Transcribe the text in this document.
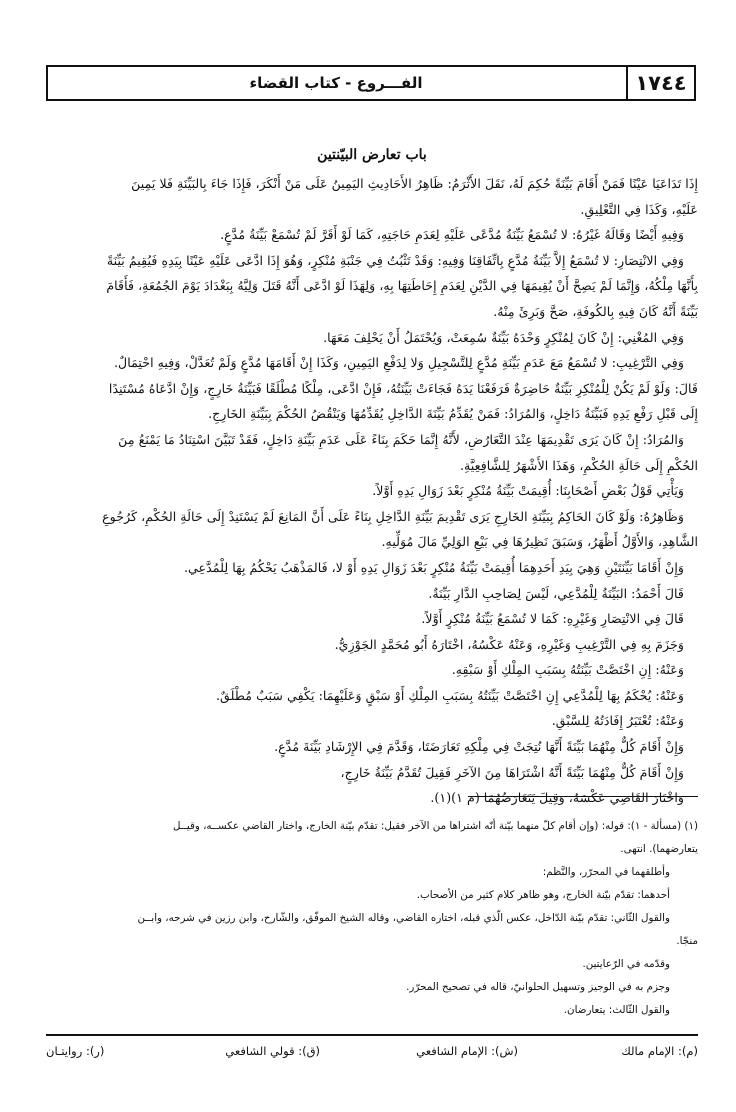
١٧٤٤
الفـــروع - كتاب القضاء
باب تعارض البيّنتين

إِذَا تَدَاعَيَا عَيْنًا فَمَنْ أَقَامَ بَيِّنَةً حُكِمَ لَهُ، نَقَلَ الأَثْرَمُ: ظَاهِرُ الأَحَادِيثِ اليَمِينُ عَلَى مَنْ أَنْكَرَ، فَإِذَا جَاءَ بِالبَيِّنَةِ فَلا يَمِينَ

عَلَيْهِ، وَكَذَا فِي التَّعْلِيقِ.

وَفِيهِ أَيْضًا وَقَالَهُ غَيْرُهُ: لا تُسْمَعُ بَيِّنَةُ مُدَّعًى عَلَيْهِ لِعَدَمِ حَاجَتِهِ، كَمَا لَوْ أَقَرَّ لَمْ تُسْمَعْ بَيِّنَةُ مُدَّعٍ.

وَفِي الانْتِصَارِ: لا تُسْمَعُ إِلاَّ بَيِّنَةُ مُدَّعٍ بِاتِّفَاقِنَا وَفِيهِ: وَقَدْ تَثْبُتُ فِي جَنْبَةِ مُنْكِرٍ، وَهُوَ إِذَا ادَّعَى عَلَيْهِ عَيْنًا بِيَدِهِ فَيُقِيمُ بَيِّنَةً

بِأَنَّهَا مِلْكُهُ، وَإِنَّمَا لَمْ يَصِحَّ أَنْ يُقِيمَهَا فِي الدَّيْنِ لِعَدَمِ إِحَاطَتِهَا بِهِ، وَلِهَذَا لَوْ ادَّعَى أَنَّهُ قَتَلَ وَلِيَّهُ بِبَغْدَادَ يَوْمَ الجُمُعَةِ، فَأَقَامَ

بَيِّنَةً أَنَّهُ كَانَ فِيهِ بِالكُوفَةِ، صَحَّ وَبَرِئَ مِنْهُ.

وَفِي المُغْنِي: إِنْ كَانَ لِمُنْكِرٍ وَحْدَهُ بَيِّنَةٌ سُمِعَتْ، وَيُحْتَمَلُ أَنْ يَحْلِفَ مَعَهَا.

وَفِي التَّرْغِيبِ: لا تُسْمَعُ مَعَ عَدَمِ بَيِّنَةِ مُدَّعٍ لِلتَّسْجِيلِ وَلا لِدَفْعِ اليَمِينِ، وَكَذَا إِنْ أَقَامَهَا مُدَّعٍ وَلَمْ تُعَدَّلْ، وَفِيهِ احْتِمَالٌ.

قَالَ: وَلَوْ لَمْ يَكُنْ لِلْمُنْكِرِ بَيِّنَةٌ حَاضِرَةٌ فَرَفَعْنَا يَدَهُ فَجَاءَتْ بَيِّنَتُهُ، فَإِنْ ادَّعَى، مِلْكًا مُطْلَقًا فَبَيِّنَةُ خَارِجٍ، وَإِنْ ادَّعَاهُ مُسْتَنِدًا

إِلَى قَبْلِ رَفْعِ يَدِهِ فَبَيِّنَةُ دَاخِلٍ، وَالمُرَادُ: فَمَنْ يُقَدِّمُ بَيِّنَةَ الدَّاخِلِ يُقَدِّمُهَا وَيَنْقُضُ الحُكْمَ بِبَيِّنَةِ الخَارِجِ.

وَالمُرَادُ: إِنْ كَانَ يَرَى تَقْدِيمَهَا عِنْدَ التَّعَارُضِ، لأَنَّهُ إِنَّمَا حَكَمَ بِنَاءً عَلَى عَدَمِ بَيِّنَةِ دَاخِلٍ، فَقَدْ تَبَيَّنَ اسْتِنَادُ مَا يَمْنَعُ مِنَ

الحُكْمِ إِلَى حَالَةِ الحُكْمِ، وَهَذَا الأَشْهَرُ لِلشَّافِعِيَّةِ.

وَيَأْتِي قَوْلُ بَعْضِ أَصْحَابِنَا: أُقِيمَتْ بَيِّنَةُ مُنْكِرٍ بَعْدَ زَوَالِ يَدِهِ أَوَّلاً.

وَظَاهِرُهُ: وَلَوْ كَانَ الحَاكِمُ بِبَيِّنَةِ الخَارِجِ يَرَى تَقْدِيمَ بَيِّنَةِ الدَّاخِلِ بِنَاءً عَلَى أَنَّ المَانِعَ لَمْ يَسْتَنِدْ إِلَى حَالَةِ الحُكْمِ، كَرُجُوعِ

الشَّاهِدِ، وَالأَوَّلُ أَظْهَرُ، وَسَبَقَ نَظِيرُهَا فِي بَيْعِ الوَلِيِّ مَالَ مُوَلِّيهِ.

وَإِنْ أَقَامَا بَيِّنَتَيْنِ وَهِيَ بِيَدِ أَحَدِهِمَا أُقِيمَتْ بَيِّنَةُ مُنْكِرٍ بَعْدَ زَوَالِ يَدِهِ أَوْ لا، فَالمَذْهَبُ يَحْكُمُ بِهَا لِلْمُدَّعِي.

قَالَ أَحْمَدُ: البَيِّنَةُ لِلْمُدَّعِي، لَيْسَ لِصَاحِبِ الدَّارِ بَيِّنَةٌ.

قَالَ فِي الانْتِصَارِ وَغَيْرِهِ: كَمَا لا تُسْمَعُ بَيِّنَةُ مُنْكِرٍ أَوَّلاً.

وَجَزَمَ بِهِ فِي التَّرْغِيبِ وَغَيْرِهِ، وَعَنْهُ عَكْسُهُ، اخْتَارَهُ أَبُو مُحَمَّدٍ الجَوْزِيُّ.

وَعَنْهُ: إِنِ اخْتَصَّتْ بَيِّنَتُهُ بِسَبَبِ المِلْكِ أَوْ سَبْقِهِ.

وَعَنْهُ: يُحْكَمُ بِهَا لِلْمُدَّعِي إِنِ اخْتَصَّتْ بَيِّنَتُهُ بِسَبَبِ المِلْكِ أَوْ سَبْقٍ وَعَلَيْهِمَا: يَكْفِي سَبَبٌ مُطْلَقٌ.

وَعَنْهُ: تُعْتَبَرُ إِفَادَتُهُ لِلسَّبْقِ.

وَإِنْ أَقَامَ كُلٌّ مِنْهُمَا بَيِّنَةً أَنَّهَا نُتِجَتْ فِي مِلْكِهِ تَعَارَضَتَا، وَقَدَّمَ فِي الإِرْشَادِ بَيِّنَةَ مُدَّعٍ.

وَإِنْ أَقَامَ كُلٌّ مِنْهُمَا بَيِّنَةً أَنَّهُ اشْتَرَاهَا مِنَ الآخَرِ فَقِيلَ تُقَدَّمُ بَيِّنَةُ خَارِجٍ،

وَاخْتَارَ القَاضِي عَكْسَهُ، وَقِيلَ يَتَعَارَضُهُمَا (م ١)(١).

(١) (مسألة - ١): قوله: (وإن أقام كلّ منهما بيّنة أنّه اشتراها من الآخر فقيل: تقدّم بيّنة الخارج، واختار القاضي عكســه، وقيــل

يتعارضهما). انتهى.

وأطلقهما في المحرّر، والنَّظم:

أحدهما: تقدّم بيّنة الخارج، وهو ظاهر كلام كثير من الأصحاب.

والقول الثّاني: تقدّم بيّنة الدّاخل، عكس الّذي قبله، اختاره القاضي، وقاله الشيخ الموفّق، والشّارح، وابن رزين في شرحه، وابــن

منجّا.

وقدّمه في الرّعايتين.

وجزم به في الوجيز وتسهيل الحلوانيّ، قاله في تصحيح المحرّر.

والقول الثّالث: يتعارضان.

(م): الإمام مالك
(ش): الإمام الشافعي
(ق): قولي الشافعي
(ر): روايتـان
